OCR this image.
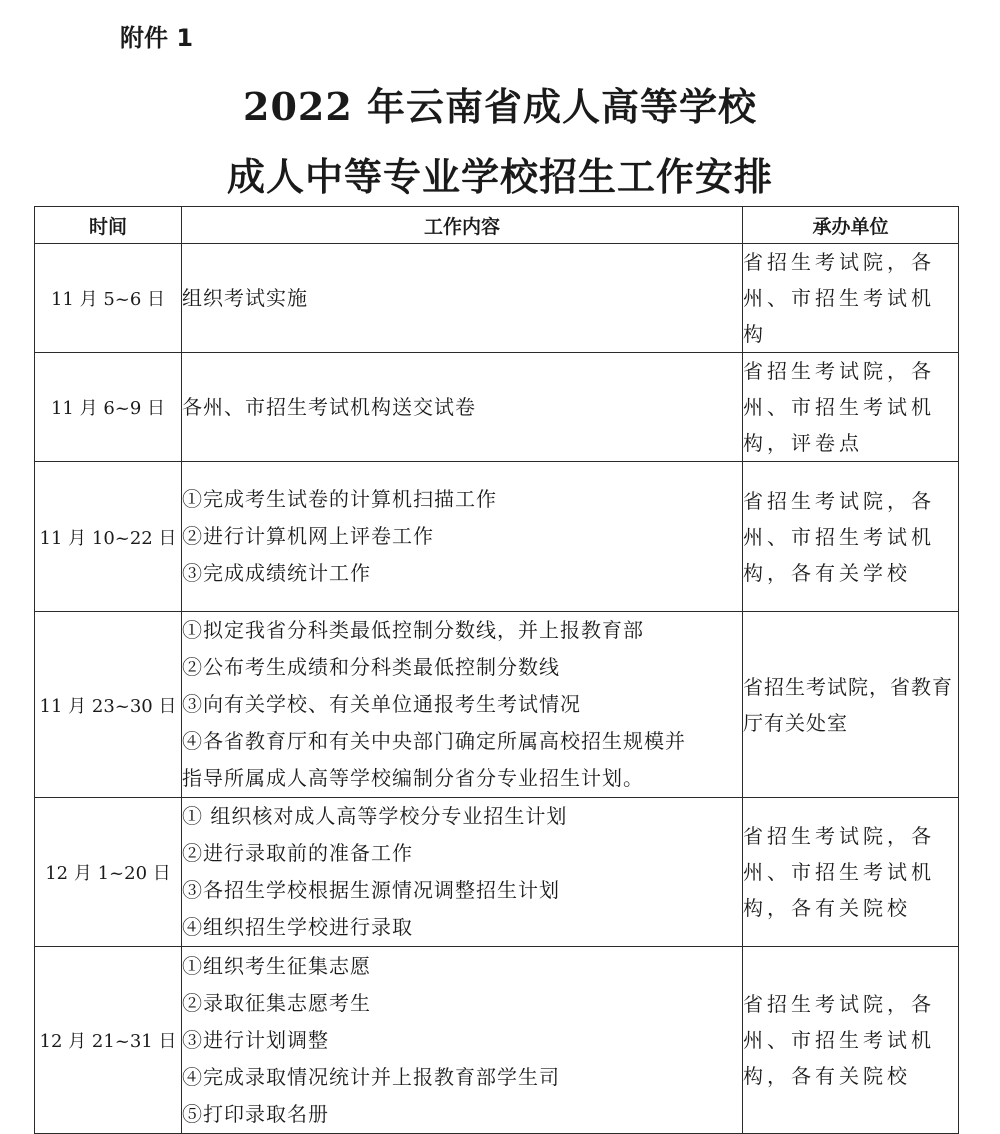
附件 1
2022 年云南省成人高等学校
成人中等专业学校招生工作安排
时间	工作内容	承办单位
11 月 5~6 日	组织考试实施	省招生考试院，各州、市招生考试机构
11 月 6~9 日	各州、市招生考试机构送交试卷	省招生考试院，各州、市招生考试机构，评卷点
11 月 10~22 日	①完成考生试卷的计算机扫描工作
②进行计算机网上评卷工作
③完成成绩统计工作	省招生考试院，各州、市招生考试机构，各有关学校
11 月 23~30 日	①拟定我省分科类最低控制分数线，并上报教育部
②公布考生成绩和分科类最低控制分数线
③向有关学校、有关单位通报考生考试情况
④各省教育厅和有关中央部门确定所属高校招生规模并
指导所属成人高等学校编制分省分专业招生计划。	省招生考试院，省教育厅有关处室
12 月 1~20 日	① 组织核对成人高等学校分专业招生计划
②进行录取前的准备工作
③各招生学校根据生源情况调整招生计划
④组织招生学校进行录取	省招生考试院，各州、市招生考试机构，各有关院校
12 月 21~31 日	①组织考生征集志愿
②录取征集志愿考生
③进行计划调整
④完成录取情况统计并上报教育部学生司
⑤打印录取名册	省招生考试院，各州、市招生考试机构，各有关院校
